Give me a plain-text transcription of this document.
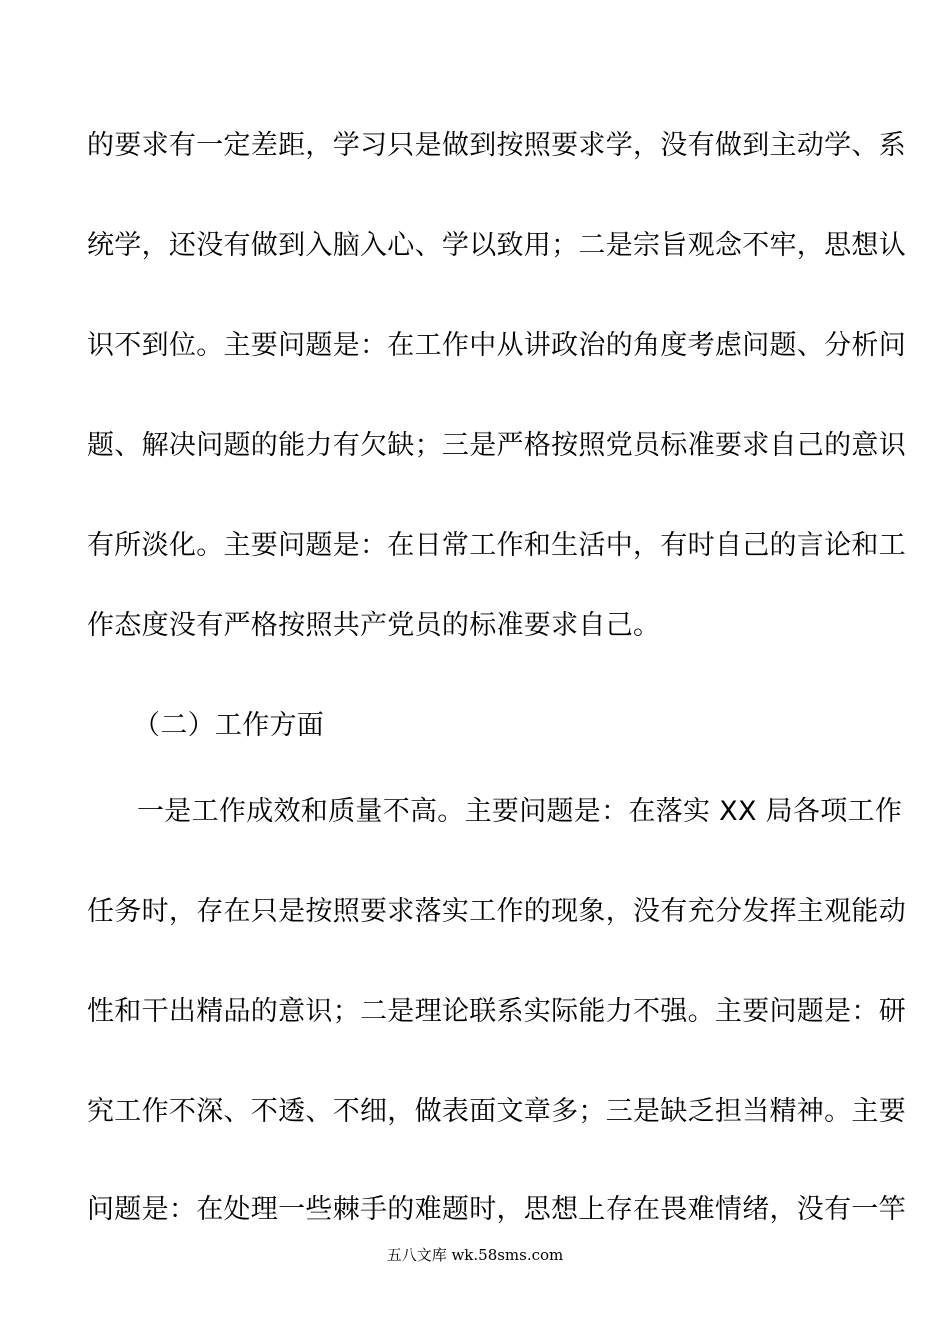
的要求有一定差距，学习只是做到按照要求学，没有做到主动学、系
统学，还没有做到入脑入心、学以致用；二是宗旨观念不牢，思想认
识不到位。主要问题是：在工作中从讲政治的角度考虑问题、分析问
题、解决问题的能力有欠缺；三是严格按照党员标准要求自己的意识
有所淡化。主要问题是：在日常工作和生活中，有时自己的言论和工
作态度没有严格按照共产党员的标准要求自己。
（二）工作方面
一是工作成效和质量不高。主要问题是：在落实 XX 局各项工作
任务时，存在只是按照要求落实工作的现象，没有充分发挥主观能动
性和干出精品的意识；二是理论联系实际能力不强。主要问题是：研
究工作不深、不透、不细，做表面文章多；三是缺乏担当精神。主要
问题是：在处理一些棘手的难题时，思想上存在畏难情绪，没有一竿
五八文库 wk.58sms.com
